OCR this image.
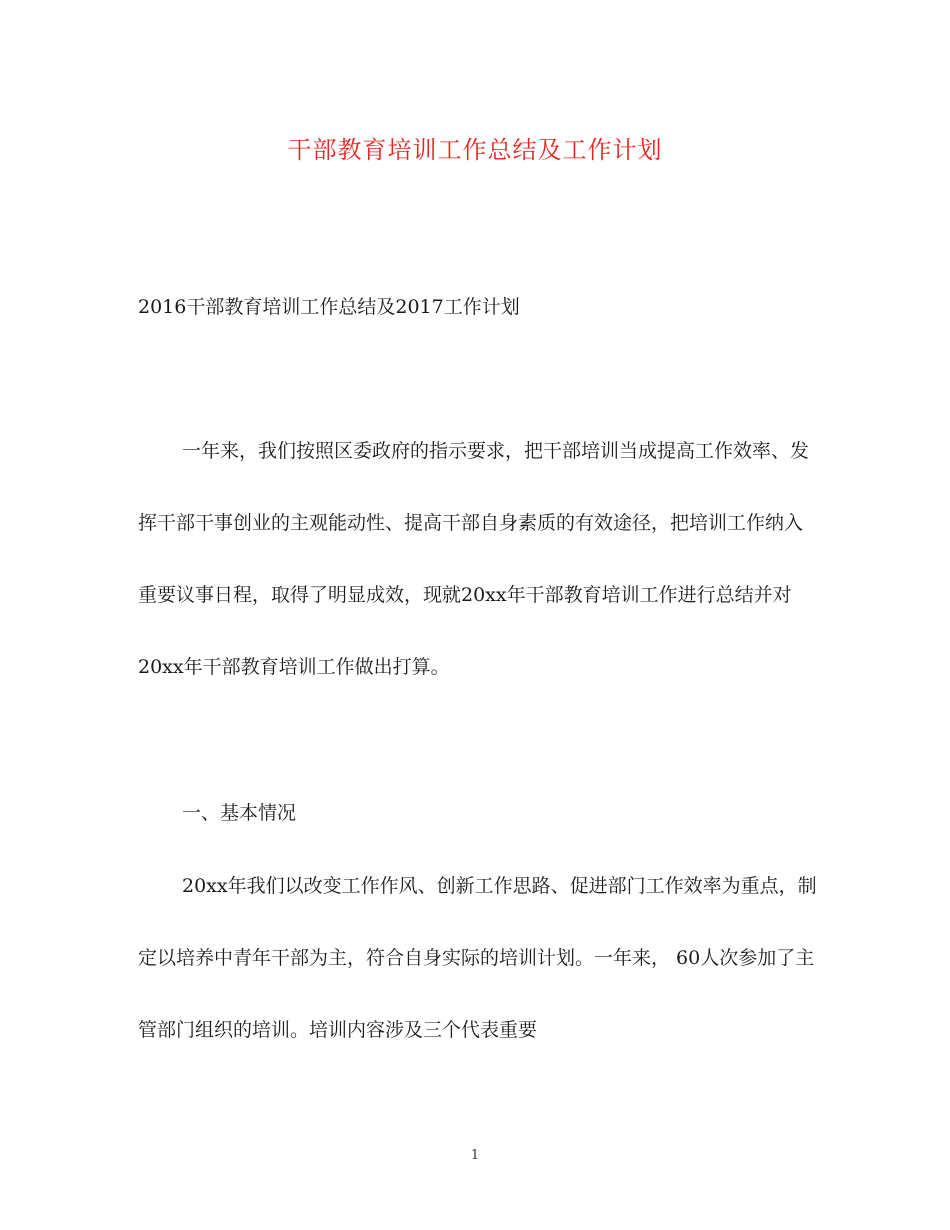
干部教育培训工作总结及工作计划
2016干部教育培训工作总结及2017工作计划
一年来，我们按照区委政府的指示要求，把干部培训当成提高工作效率、发挥干部干事创业的主观能动性、提高干部自身素质的有效途径，把培训工作纳入重要议事日程，取得了明显成效，现就20xx年干部教育培训工作进行总结并对20xx年干部教育培训工作做出打算。
一、基本情况
20xx年我们以改变工作作风、创新工作思路、促进部门工作效率为重点，制定以培养中青年干部为主，符合自身实际的培训计划。一年来， 60人次参加了主管部门组织的培训。培训内容涉及三个代表重要
1
